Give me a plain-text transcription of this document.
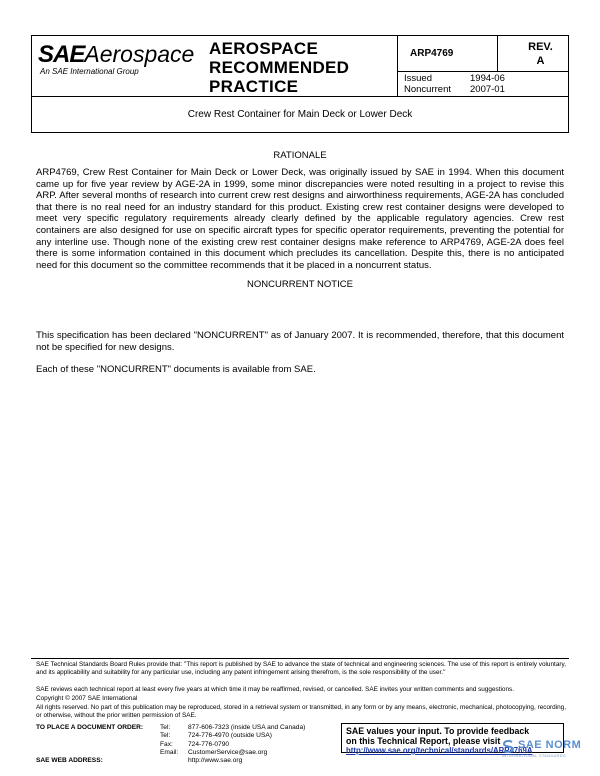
SAEAerospace
An SAE International Group
AEROSPACE
RECOMMENDED
PRACTICE
ARP4769
REV.
A
Issued	1994-06
Noncurrent 2007-01
Crew Rest Container for Main Deck or Lower Deck
RATIONALE
ARP4769, Crew Rest Container for Main Deck or Lower Deck, was originally issued by SAE in 1994. When this document came up for five year review by AGE-2A in 1999, some minor discrepancies were noted resulting in a project to revise this ARP. After several months of research into current crew rest designs and airworthiness requirements, AGE-2A has concluded that there is no real need for an industry standard for this product. Existing crew rest container designs were developed to meet very specific regulatory requirements already clearly defined by the applicable regulatory agencies. Crew rest containers are also designed for use on specific aircraft types for specific operator requirements, preventing the potential for any interline use. Though none of the existing crew rest container designs make reference to ARP4769, AGE-2A does feel there is some information contained in this document which precludes its cancellation. Despite this, there is no anticipated need for this document so the committee recommends that it be placed in a noncurrent status.
NONCURRENT NOTICE
This specification has been declared "NONCURRENT" as of January 2007. It is recommended, therefore, that this document not be specified for new designs.
Each of these "NONCURRENT" documents is available from SAE.
SAE Technical Standards Board Rules provide that: "This report is published by SAE to advance the state of technical and engineering sciences. The use of this report is entirely voluntary, and its applicability and suitability for any particular use, including any patent infringement arising therefrom, is the sole responsibility of the user."
SAE reviews each technical report at least every five years at which time it may be reaffirmed, revised, or cancelled. SAE invites your written comments and suggestions.
Copyright © 2007 SAE International
All rights reserved. No part of this publication may be reproduced, stored in a retrieval system or transmitted, in any form or by any means, electronic, mechanical, photocopying, recording, or otherwise, without the prior written permission of SAE.
TO PLACE A DOCUMENT ORDER:
SAE WEB ADDRESS:
Tel:	877-606-7323 (inside USA and Canada)
Tel:	724-776-4970 (outside USA)
Fax: 724-776-0790
Email: CustomerService@sae.org
http://www.sae.org
SAE values your input. To provide feedback
on this Technical Report, please visit
http://www.sae.org/technical/standards/ARP4769A
SAE NORM
INTERNATIONAL STANDARDS
